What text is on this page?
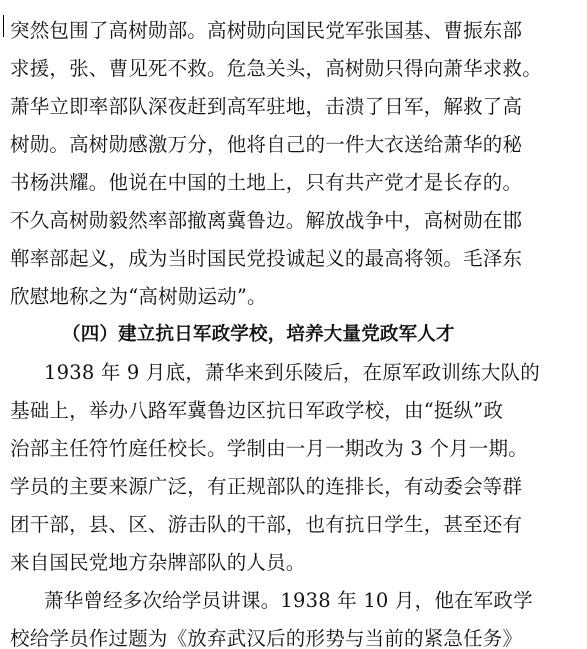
突然包围了高树勋部。高树勋向国民党军张国基、曹振东部
求援，张、曹见死不救。危急关头，高树勋只得向萧华求救。
萧华立即率部队深夜赶到高军驻地，击溃了日军，解救了高
树勋。高树勋感激万分，他将自己的一件大衣送给萧华的秘
书杨洪耀。他说在中国的土地上，只有共产党才是长存的。
不久高树勋毅然率部撤离冀鲁边。解放战争中，高树勋在邯
郸率部起义，成为当时国民党投诚起义的最高将领。毛泽东
欣慰地称之为“高树勋运动”。
（四）建立抗日军政学校，培养大量党政军人才
1938 年 9 月底，萧华来到乐陵后，在原军政训练大队的
基础上，举办八路军冀鲁边区抗日军政学校，由“挺纵”政
治部主任符竹庭任校长。学制由一月一期改为 3 个月一期。
学员的主要来源广泛，有正规部队的连排长，有动委会等群
团干部，县、区、游击队的干部，也有抗日学生，甚至还有
来自国民党地方杂牌部队的人员。
萧华曾经多次给学员讲课。1938 年 10 月，他在军政学
校给学员作过题为《放弃武汉后的形势与当前的紧急任务》
